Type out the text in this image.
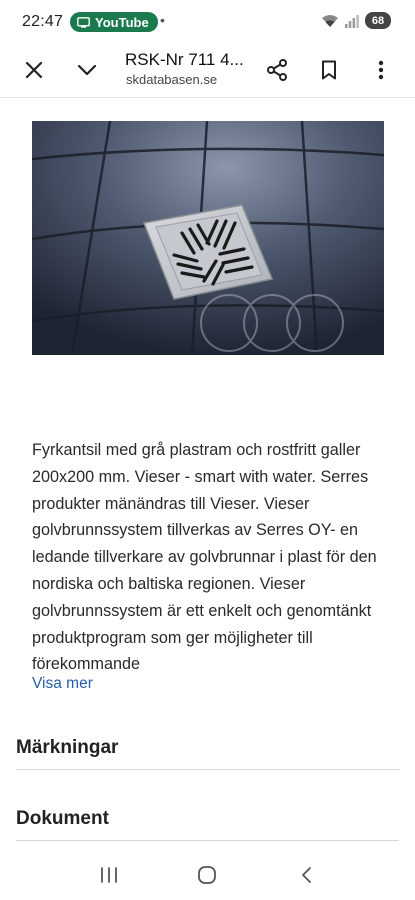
22:47 YouTube •	68
RSK-Nr 711 4...
skdatabasen.se

Fyrkantsil med grå plastram och rostfritt galler 200x200 mm. Vieser - smart with water. Serres produkter mänändras till Vieser. Vieser golvbrunnssystem tillverkas av Serres OY- en ledande tillverkare av golvbrunnar i plast för den nordiska och baltiska regionen. Vieser golvbrunnssystem är ett enkelt och genomtänkt produktprogram som ger möjligheter till förekommande

Visa mer
Märkningar
Dokument
